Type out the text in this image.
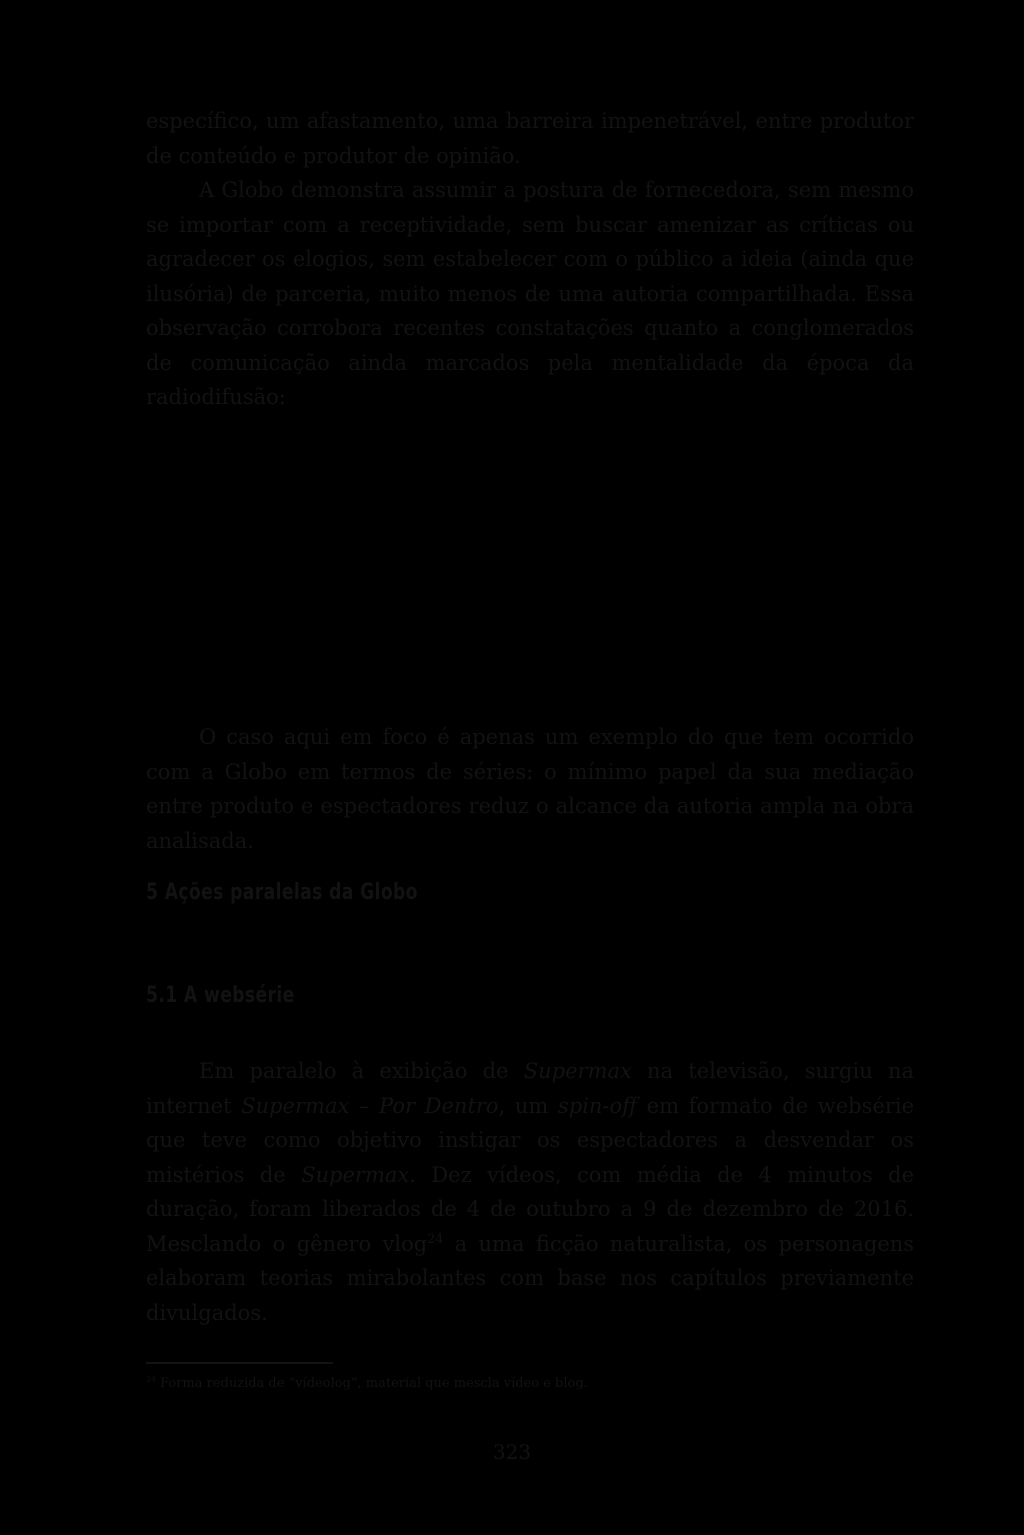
específico, um afastamento, uma barreira impenetrável, entre produtor de conteúdo e produtor de opinião.

A Globo demonstra assumir a postura de fornecedora, sem mesmo se importar com a receptividade, sem buscar amenizar as críticas ou agradecer os elogios, sem estabelecer com o público a ideia (ainda que ilusória) de parceria, muito menos de uma autoria compartilhada. Essa observação corrobora recentes constatações quanto a conglomerados de comunicação ainda marcados pela mentalidade da época da radiodifusão:

O caso aqui em foco é apenas um exemplo do que tem ocorrido com a Globo em termos de séries: o mínimo papel da sua mediação entre produto e espectadores reduz o alcance da autoria ampla na obra analisada.

5 Ações paralelas da Globo

5.1 A websérie

Em paralelo à exibição de Supermax na televisão, surgiu na internet Supermax – Por Dentro, um spin-off em formato de websérie que teve como objetivo instigar os espectadores a desvendar os mistérios de Supermax. Dez vídeos, com média de 4 minutos de duração, foram liberados de 4 de outubro a 9 de dezembro de 2016. Mesclando o gênero vlog$^{24}$ a uma ficção naturalista, os personagens elaboram teorias mirabolantes com base nos capítulos previamente divulgados.

$^{24}$ Forma reduzida de “vídeolog”, material que mescla vídeo e blog.

323
